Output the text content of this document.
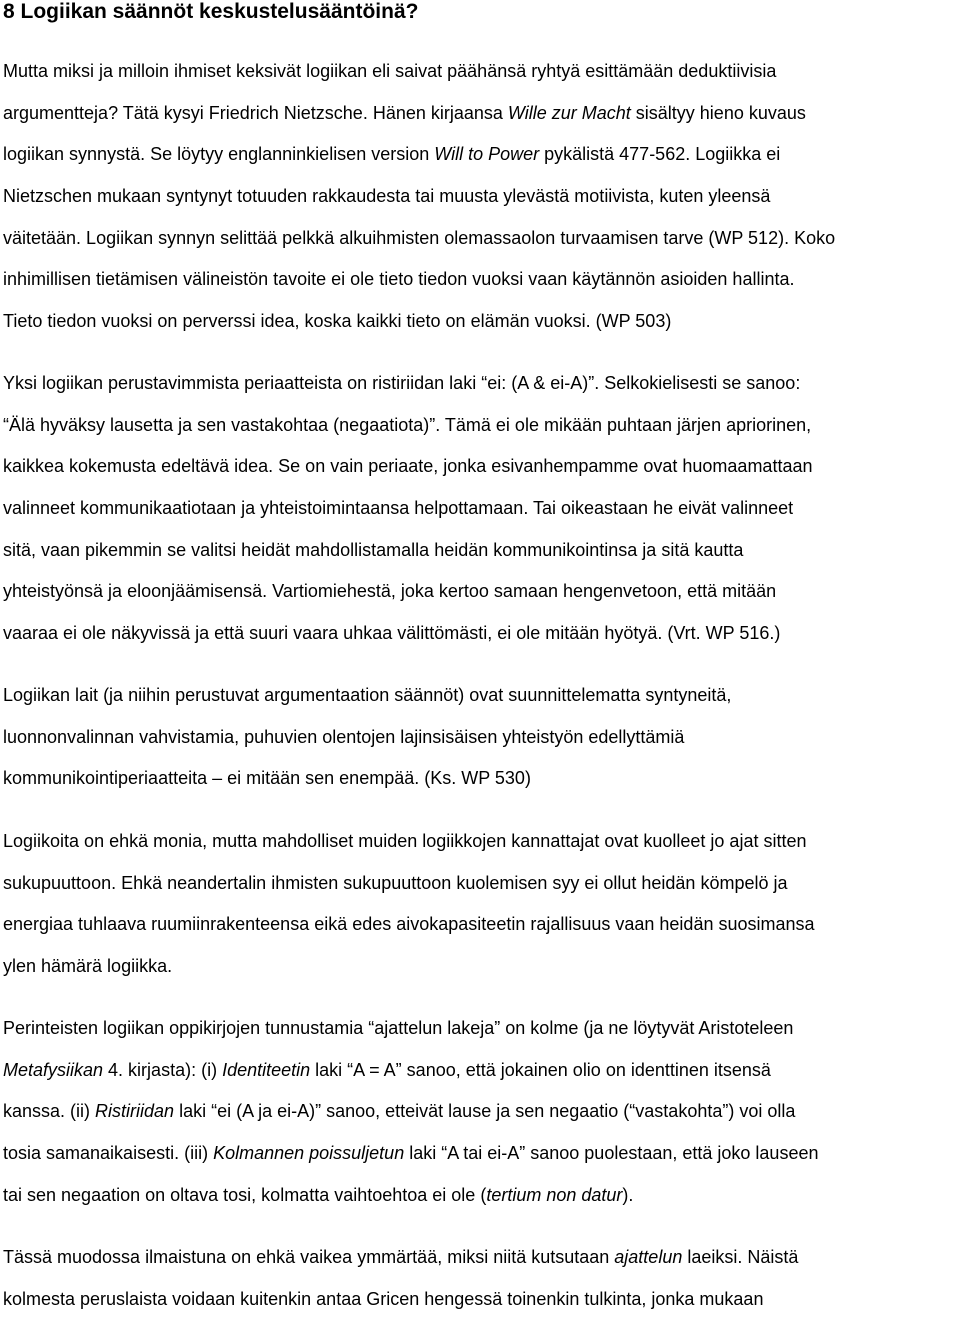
8 Logiikan säännöt keskustelusääntöinä?
Mutta miksi ja milloin ihmiset keksivät logiikan eli saivat päähänsä ryhtyä esittämään deduktiivisia
argumentteja? Tätä kysyi Friedrich Nietzsche. Hänen kirjaansa Wille zur Macht sisältyy hieno kuvaus
logiikan synnystä. Se löytyy englanninkielisen version Will to Power pykälistä 477-562. Logiikka ei
Nietzschen mukaan syntynyt totuuden rakkaudesta tai muusta ylevästä motiivista, kuten yleensä
väitetään. Logiikan synnyn selittää pelkkä alkuihmisten olemassaolon turvaamisen tarve (WP 512). Koko
inhimillisen tietämisen välineistön tavoite ei ole tieto tiedon vuoksi vaan käytännön asioiden hallinta.
Tieto tiedon vuoksi on perverssi idea, koska kaikki tieto on elämän vuoksi. (WP 503)
Yksi logiikan perustavimmista periaatteista on ristiriidan laki “ei: (A & ei-A)”. Selkokielisesti se sanoo:
“Älä hyväksy lausetta ja sen vastakohtaa (negaatiota)”. Tämä ei ole mikään puhtaan järjen apriorinen,
kaikkea kokemusta edeltävä idea. Se on vain periaate, jonka esivanhempamme ovat huomaamattaan
valinneet kommunikaatiotaan ja yhteistoimintaansa helpottamaan. Tai oikeastaan he eivät valinneet
sitä, vaan pikemmin se valitsi heidät mahdollistamalla heidän kommunikointinsa ja sitä kautta
yhteistyönsä ja eloonjäämisensä. Vartiomiehestä, joka kertoo samaan hengenvetoon, että mitään
vaaraa ei ole näkyvissä ja että suuri vaara uhkaa välittömästi, ei ole mitään hyötyä. (Vrt. WP 516.)
Logiikan lait (ja niihin perustuvat argumentaation säännöt) ovat suunnittelematta syntyneitä,
luonnonvalinnan vahvistamia, puhuvien olentojen lajinsisäisen yhteistyön edellyttämiä
kommunikointiperiaatteita – ei mitään sen enempää. (Ks. WP 530)
Logiikoita on ehkä monia, mutta mahdolliset muiden logiikkojen kannattajat ovat kuolleet jo ajat sitten
sukupuuttoon. Ehkä neandertalin ihmisten sukupuuttoon kuolemisen syy ei ollut heidän kömpelö ja
energiaa tuhlaava ruumiinrakenteensa eikä edes aivokapasiteetin rajallisuus vaan heidän suosimansa
ylen hämärä logiikka.
Perinteisten logiikan oppikirjojen tunnustamia “ajattelun lakeja” on kolme (ja ne löytyvät Aristoteleen
Metafysiikan 4. kirjasta): (i) Identiteetin laki “A = A” sanoo, että jokainen olio on identtinen itsensä
kanssa. (ii) Ristiriidan laki “ei (A ja ei-A)” sanoo, etteivät lause ja sen negaatio (“vastakohta”) voi olla
tosia samanaikaisesti. (iii) Kolmannen poissuljetun laki “A tai ei-A” sanoo puolestaan, että joko lauseen
tai sen negaation on oltava tosi, kolmatta vaihtoehtoa ei ole (tertium non datur).
Tässä muodossa ilmaistuna on ehkä vaikea ymmärtää, miksi niitä kutsutaan ajattelun laeiksi. Näistä
kolmesta peruslaista voidaan kuitenkin antaa Gricen hengessä toinenkin tulkinta, jonka mukaan
